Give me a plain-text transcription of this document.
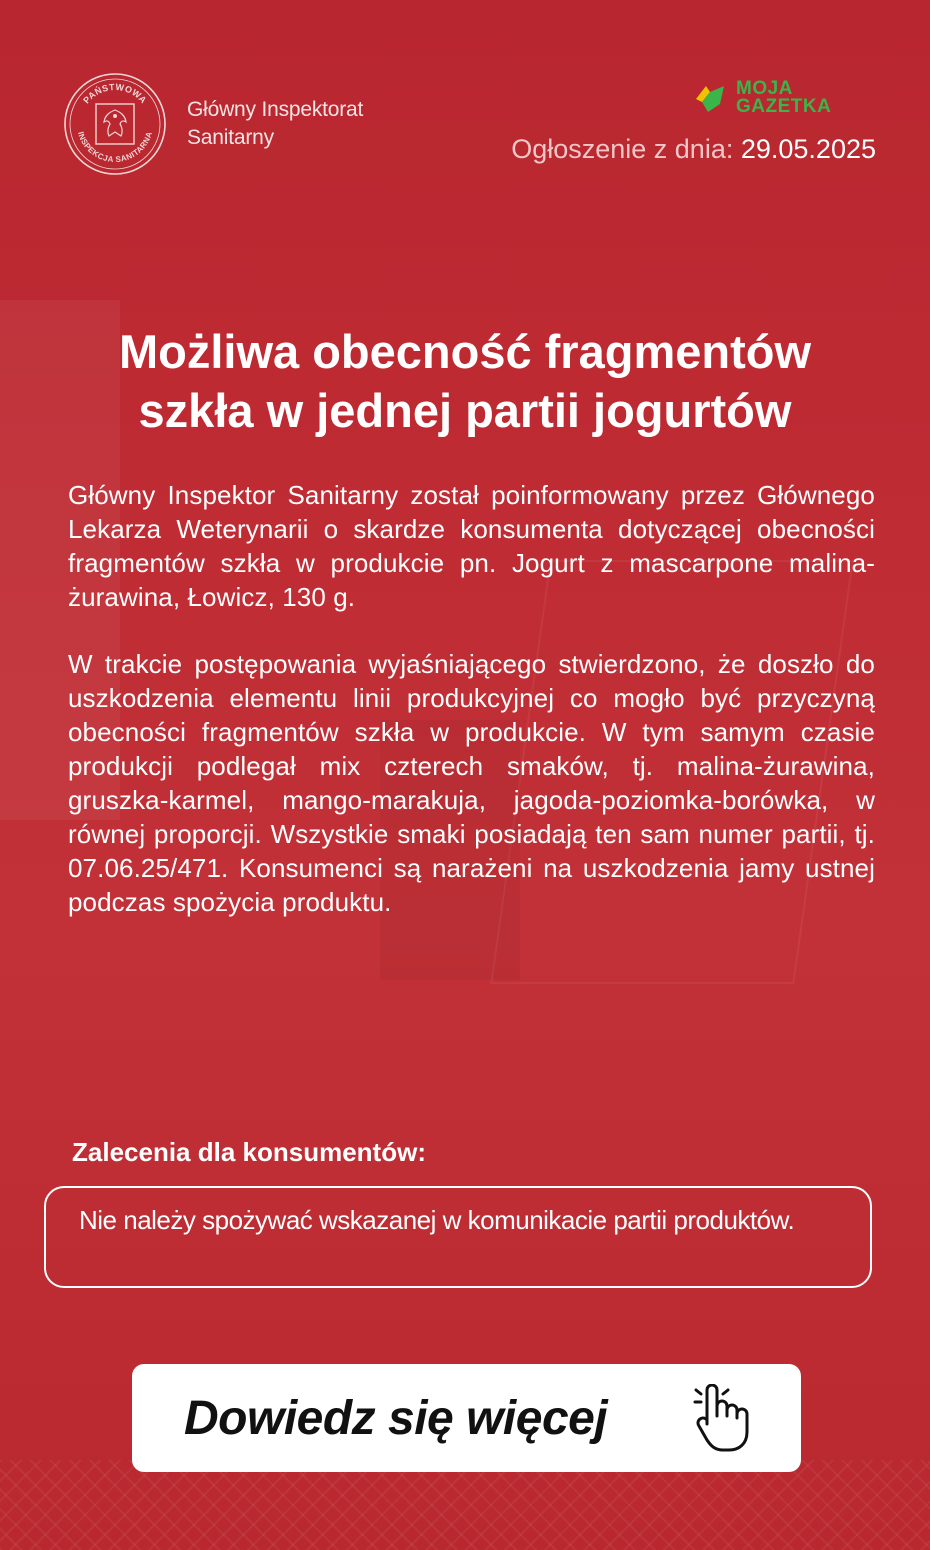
PAŃSTWOWA
INSPEKCJA SANITARNA
Główny Inspektorat
Sanitarny
MOJA
GAZETKA
Ogłoszenie z dnia: 29.05.2025
Możliwa obecność fragmentów
szkła w jednej partii jogurtów

Główny Inspektor Sanitarny został poinformowany przez Głównego Lekarza Weterynarii o skardze konsumenta dotyczącej obecności fragmentów szkła w produkcie pn. Jogurt z mascarpone malina-żurawina, Łowicz, 130 g.

W trakcie postępowania wyjaśniającego stwierdzono, że doszło do uszkodzenia elementu linii produkcyjnej co mogło być przyczyną obecności fragmentów szkła w produkcie. W tym samym czasie produkcji podlegał mix czterech smaków, tj. malina-żurawina, gruszka-karmel, mango-marakuja, jagoda-poziomka-borówka, w równej proporcji. Wszystkie smaki posiadają ten sam numer partii, tj. 07.06.25/471. Konsumenci są narażeni na uszkodzenia jamy ustnej podczas spożycia produktu.

Zalecenia dla konsumentów:
Nie należy spożywać wskazanej w komunikacie partii produktów.
Dowiedz się więcej
